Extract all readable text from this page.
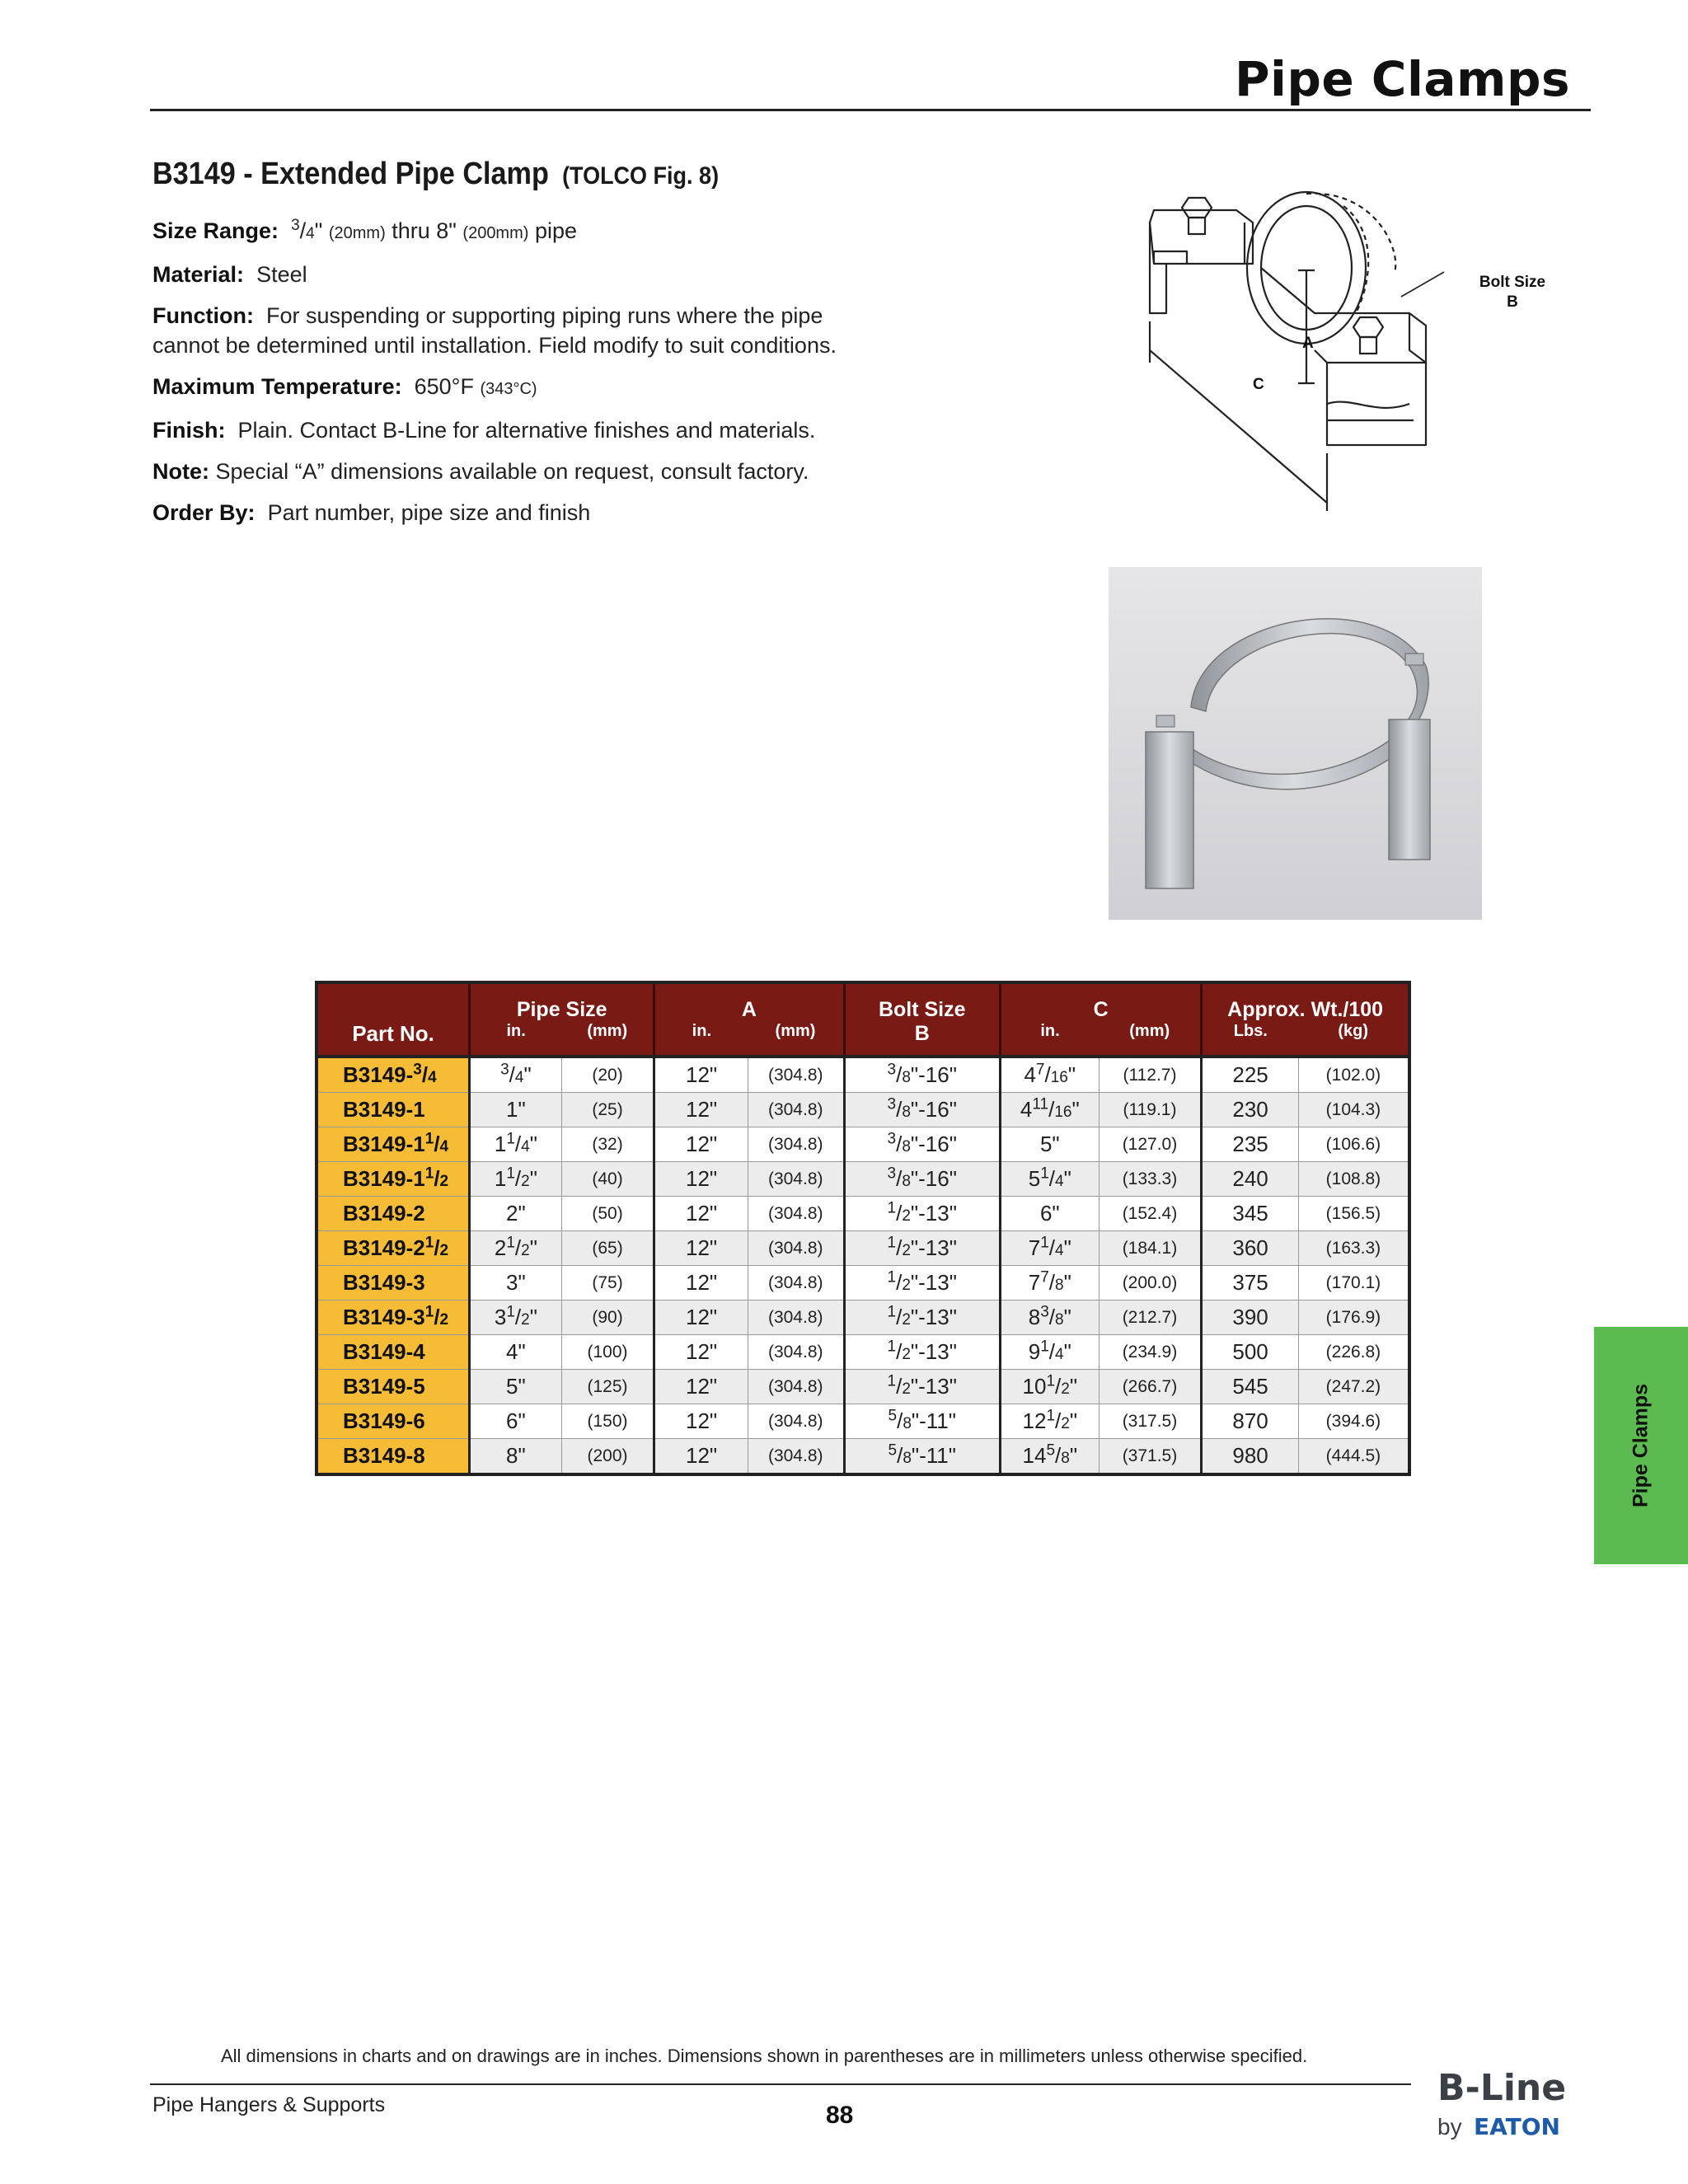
Pipe Clamps
B3149 - Extended Pipe Clamp (TOLCO Fig. 8)
Size Range: $^3$/4" (20mm) thru 8" (200mm) pipe
Material: Steel
Function: For suspending or supporting piping runs where the pipe cannot be determined until installation. Field modify to suit conditions.
Maximum Temperature: 650°F (343°C)
Finish: Plain. Contact B-Line for alternative finishes and materials.
Note: Special “A” dimensions available on request, consult factory.
Order By: Part number, pipe size and finish
C
A
Bolt Size
B
Part No.	Pipe Size		A		Bolt Size	C		Approx. Wt./100	
	in.	(mm)	in.	(mm)	B	in.	(mm)	Lbs.	(kg)
B3149-$^3$/4	$^3$/4"	(20)	12"	(304.8)	$^3$/8"-16"	$4^7/16$"	(112.7)	225	(102.0)
B3149-1	1"	(25)	12"	(304.8)	$^3$/8"-16"	$4^{11}/16$"	(119.1)	230	(104.3)
$B3149-1^1/4$	$1^1/4$"	(32)	12"	(304.8)	$^3$/8"-16"	5"	(127.0)	235	(106.6)
$B3149-1^1/2$	$1^1/2$"	(40)	12"	(304.8)	$^3$/8"-16"	$5^1/4$"	(133.3)	240	(108.8)
B3149-2	2"	(50)	12"	(304.8)	$^1$/2"-13"	6"	(152.4)	345	(156.5)
$B3149-2^1/2$	$2^1/2$"	(65)	12"	(304.8)	$^1$/2"-13"	$7^1/4$"	(184.1)	360	(163.3)
B3149-3	3"	(75)	12"	(304.8)	$^1$/2"-13"	$7^7/8$"	(200.0)	375	(170.1)
$B3149-3^1/2$	$3^1/2$"	(90)	12"	(304.8)	$^1$/2"-13"	$8^3/8$"	(212.7)	390	(176.9)
B3149-4	4"	(100)	12"	(304.8)	$^1$/2"-13"	$9^1/4$"	(234.9)	500	(226.8)
B3149-5	5"	(125)	12"	(304.8)	$^1$/2"-13"	$10^1/2$"	(266.7)	545	(247.2)
B3149-6	6"	(150)	12"	(304.8)	$^5$/8"-11"	$12^1/2$"	(317.5)	870	(394.6)
B3149-8	8"	(200)	12"	(304.8)	$^5$/8"-11"	$14^5/8$"	(371.5)	980	(444.5)	Pipe Clamps
All dimensions in charts and on drawings are in inches. Dimensions shown in parentheses are in millimeters unless otherwise specified.
Pipe Hangers & Supports	88
B-Line
by EATON
